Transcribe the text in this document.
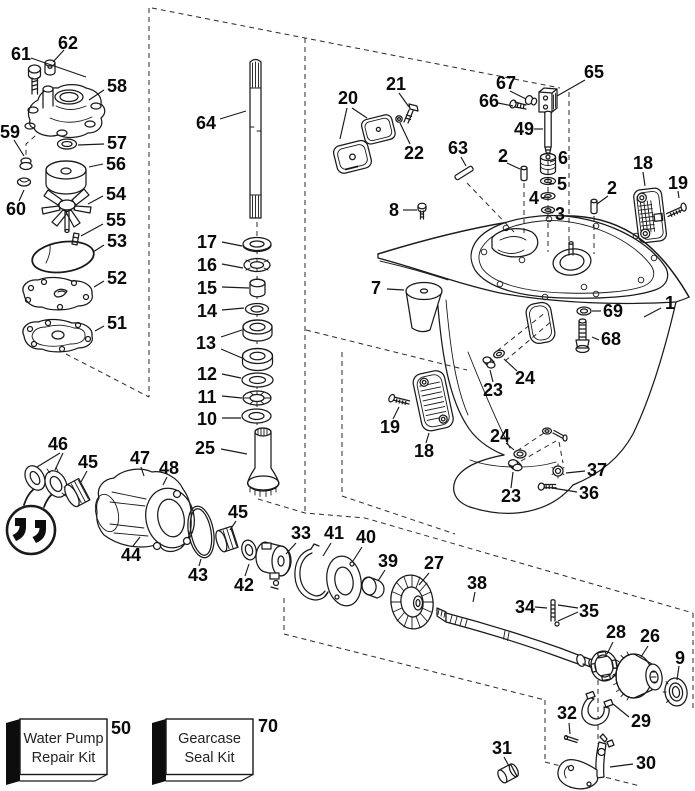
Water Pump
Repair Kit
Gearcase
Seal Kit
61
62
58
59
57
56
54
60
55
53
52
51
64
17
16
15
14
13
12
11
10
25
20
21
22
67
66
65
49
63 2	6
5
4
3
8
2
18
19
7
1
69
68
24
23
19
18
24
23
37
36
46
45 47 48
44
43
45
42
33 41 40
39 27
38
34 35
28 26
9
32	29
31
30
50	70
